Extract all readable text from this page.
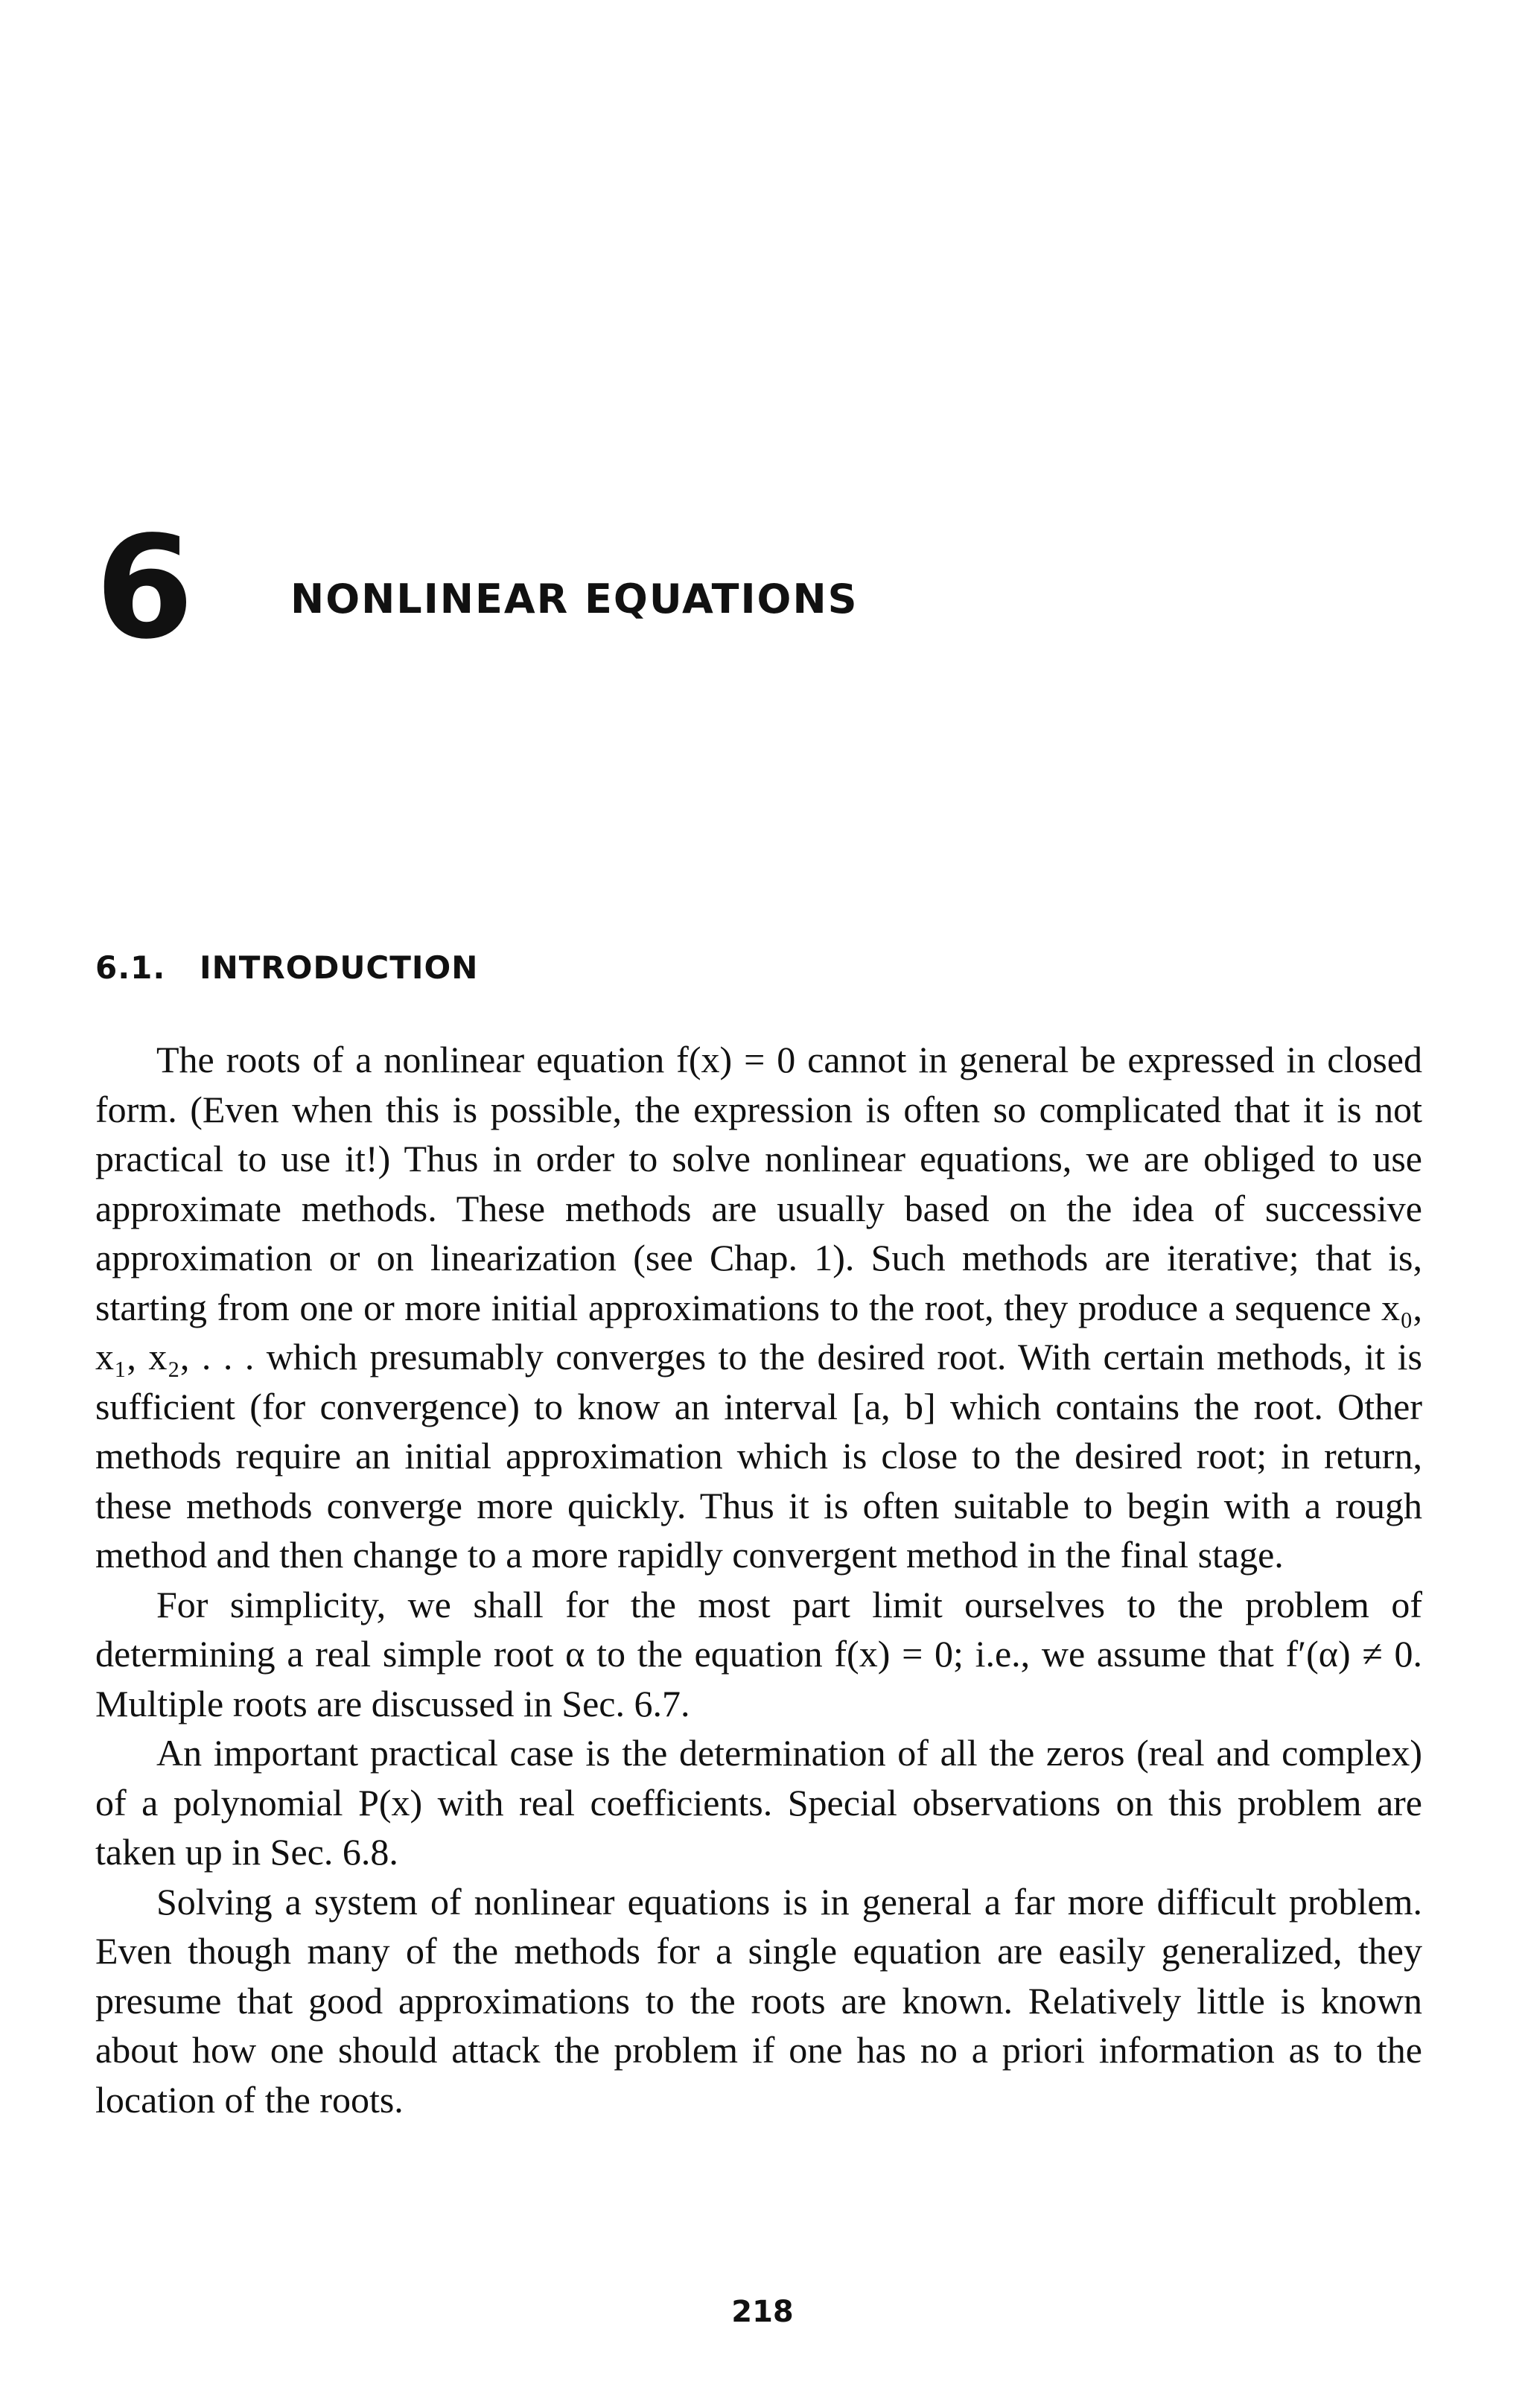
6 NONLINEAR EQUATIONS
6.1. INTRODUCTION

The roots of a nonlinear equation f(x) = 0 cannot in general be expressed in closed form. (Even when this is possible, the expression is often so complicated that it is not practical to use it!) Thus in order to solve nonlinear equations, we are obliged to use approximate methods. These methods are usually based on the idea of successive approximation or on linearization (see Chap. 1). Such methods are iterative; that is, starting from one or more initial approximations to the root, they produce a sequence x₀, x₁, x₂, . . . which presumably converges to the desired root. With certain methods, it is sufficient (for convergence) to know an interval [a, b] which contains the root. Other methods require an initial approximation which is close to the desired root; in return, these methods converge more quickly. Thus it is often suitable to begin with a rough method and then change to a more rapidly convergent method in the final stage.

For simplicity, we shall for the most part limit ourselves to the problem of determining a real simple root α to the equation f(x) = 0; i.e., we assume that f′(α) ≠ 0. Multiple roots are discussed in Sec. 6.7.

An important practical case is the determination of all the zeros (real and complex) of a polynomial P(x) with real coefficients. Special observations on this problem are taken up in Sec. 6.8.

Solving a system of nonlinear equations is in general a far more difficult problem. Even though many of the methods for a single equation are easily generalized, they presume that good approximations to the roots are known. Relatively little is known about how one should attack the problem if one has no a priori information as to the location of the roots.

218
